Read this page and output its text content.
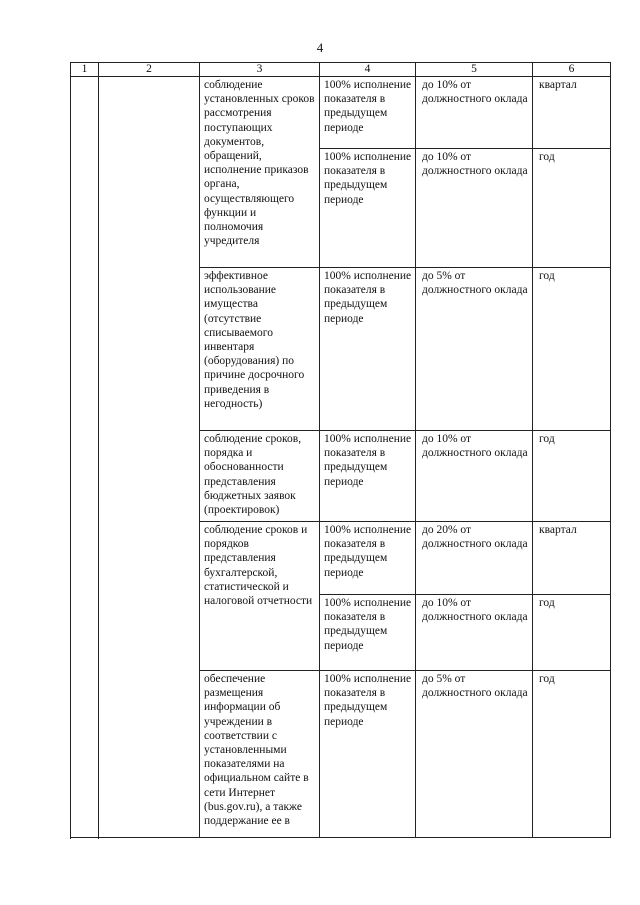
4
1	2	3	4	5	6
		соблюдение установленных сроков рассмотрения поступающих документов, обращений, исполнение приказов органа, осуществляющего функции и полномочия учредителя	100% исполнение показателя в предыдущем периоде	до 10% от должностного оклада	квартал
			100% исполнение показателя в предыдущем периоде	до 10% от должностного оклада	год
		эффективное использование имущества (отсутствие списываемого инвентаря (оборудования) по причине досрочного приведения в негодность)	100% исполнение показателя в предыдущем периоде	до 5% от должностного оклада	год
		соблюдение сроков, порядка и обоснованности представления бюджетных заявок (проектировок)	100% исполнение показателя в предыдущем периоде	до 10% от должностного оклада	год
		соблюдение сроков и порядков представления бухгалтерской, статистической и налоговой отчетности	100% исполнение показателя в предыдущем периоде	до 20% от должностного оклада	квартал
			100% исполнение показателя в предыдущем периоде	до 10% от должностного оклада	год
		обеспечение размещения информации об учреждении в соответствии с установленными показателями на официальном сайте в сети Интернет (bus.gov.ru), а также поддержание ее в	100% исполнение показателя в предыдущем периоде	до 5% от должностного оклада	год
